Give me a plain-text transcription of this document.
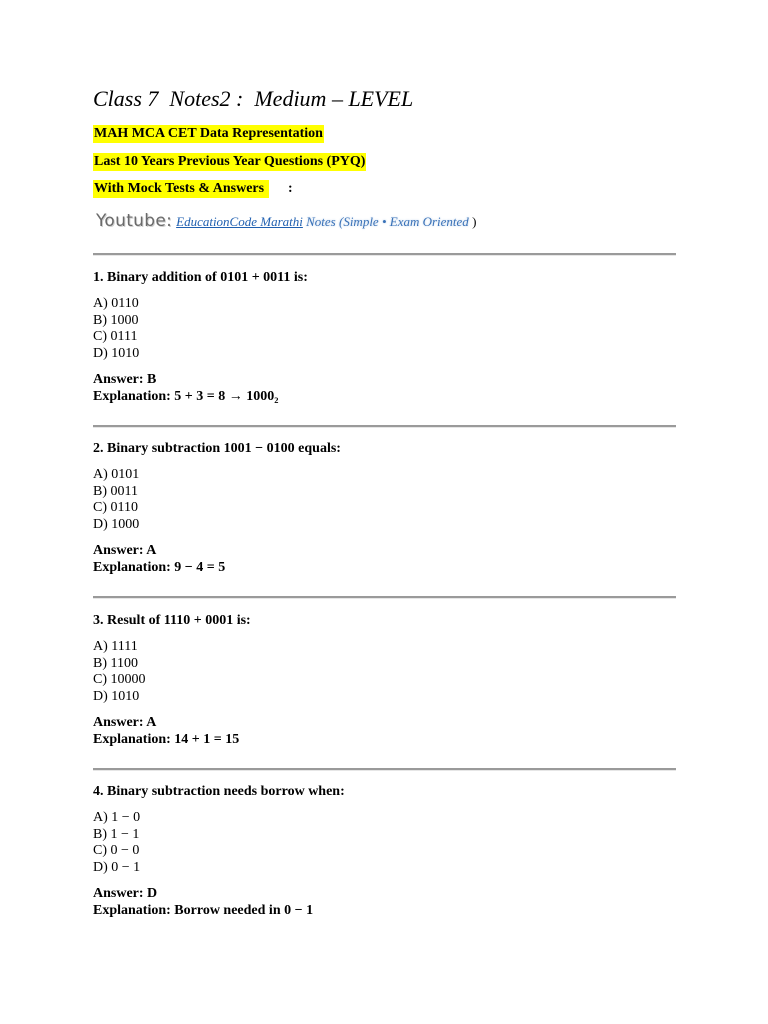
Class 7  Notes2 :  Medium – LEVEL
MAH MCA CET Data Representation
Last 10 Years Previous Year Questions (PYQ)
With Mock Tests & Answers :
Youtube: EducationCode Marathi Notes (Simple • Exam Oriented )
1. Binary addition of 0101 + 0011 is:
A) 0110
B) 1000
C) 0111
D) 1010
Answer: B
Explanation: 5 + 3 = 8 → 1000₂
2. Binary subtraction 1001 − 0100 equals:
A) 0101
B) 0011
C) 0110
D) 1000
Answer: A
Explanation: 9 − 4 = 5
3. Result of 1110 + 0001 is:
A) 1111
B) 1100
C) 10000
D) 1010
Answer: A
Explanation: 14 + 1 = 15
4. Binary subtraction needs borrow when:
A) 1 − 0
B) 1 − 1
C) 0 − 0
D) 0 − 1
Answer: D
Explanation: Borrow needed in 0 − 1
